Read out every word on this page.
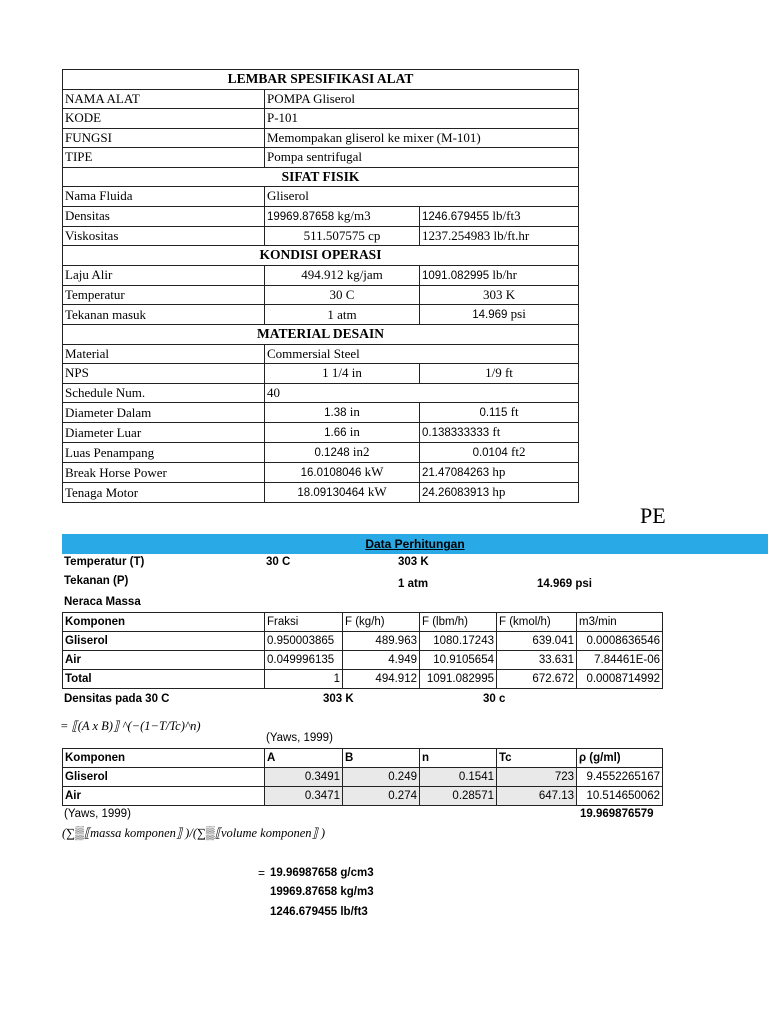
LEMBAR SPESIFIKASI ALAT		
NAMA ALAT	POMPA Gliserol	
KODE	P-101	
FUNGSI	Memompakan gliserol ke mixer (M-101)	
TIPE	Pompa sentrifugal	
SIFAT FISIK		
Nama Fluida	Gliserol	
Densitas	19969.87658 kg/m3	1246.679455 lb/ft3
Viskositas	511.507575 cp	1237.254983 lb/ft.hr
KONDISI OPERASI		
Laju Alir	494.912 kg/jam	1091.082995 lb/hr
Temperatur	30 C	303 K
Tekanan masuk	1 atm	14.969 psi
MATERIAL DESAIN		
Material	Commersial Steel	
NPS	1 1/4 in	1/9 ft
Schedule Num.	40	
Diameter Dalam	1.38 in	0.115 ft
Diameter Luar	1.66 in	0.138333333 ft
Luas Penampang	0.1248 in2	0.0104 ft2
Break Horse Power	16.0108046 kW	21.47084263 hp
Tenaga Motor	18.09130464 kW	24.26083913 hp
PE
Data Perhitungan
Temperatur (T)	30 C	303 K
Tekanan (P)	1 atm	14.969 psi
Neraca Massa
Komponen	Fraksi	F (kg/h)	F (lbm/h)	F (kmol/h)	m3/min
Gliserol	0.950003865	489.963	1080.17243	639.041	0.0008636546
Air	0.049996135	4.949	10.9105654	33.631	7.84461E-06
Total	1	494.912	1091.082995	672.672	0.0008714992
Densitas pada 30 C	303 K	30 c
= ⟦(A x B)⟧ ^(−(1−T/Tc)^n)
(Yaws, 1999)
Komponen	A	B	n	Tc	ρ (g/ml)
Gliserol	0.3491	0.249	0.1541	723	9.4552265167
Air	0.3471	0.274	0.28571	647.13	10.514650062
(Yaws, 1999)	19.969876579
(∑▒⟦massa komponen⟧ )/(∑▒⟦volume komponen⟧ )
= 19.96987658 g/cm3
19969.87658 kg/m3
1246.679455 lb/ft3
